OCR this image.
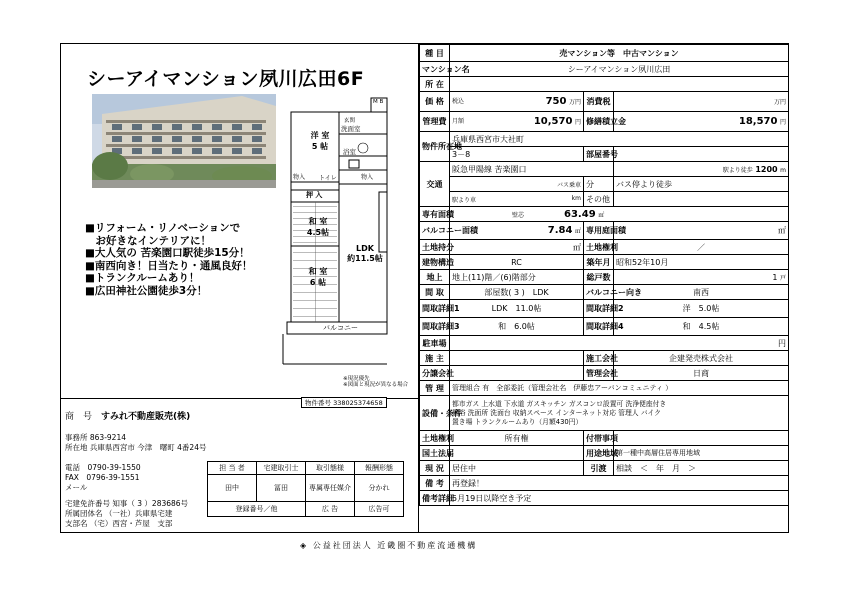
シーアイマンション夙川広田6F
■リフォーム・リノベーションで
　お好きなインテリアに！
■大人気の 苦楽園口駅徒歩15分！
■南西向き！日当たり・通風良好！
■トランクルームあり！
■広田神社公園徒歩3分！
洋 室
5 帖
洗面室
浴室
トイレ
物入	物入
押 入
和 室
4.5帖
和 室
6 帖
LDK
約11.5帖
バルコニー
玄関
M B
※現況優先
※図面と現況が異なる場合
物件番号 338025374658
商　号　 すみれ不動産販売(株)
事務所 863-9214
所在地 兵庫県西宮市 今津　曙町 4番24号
電話　 0790-39-1550
FAX　 0796-39-1551
メール
宅建免許番号 知事（ 3 ）283686号
所属団体名 （一社）兵庫県宅建
支部名 （宅）西宮・芦屋　支部
担 当 者	宅建取引士	取引態様	報酬形態
田中	冨田	専属専任媒介	分かれ
登録番号／他		広 告	広告可
種 目	売マンション等　中古マンション		
マンション名	シーアイマンション夙川広田		
所 在			
価 格	税込 750 万円	消費税	万円
管理費	月額 10,570 円	修繕積立金	18,570 円
物件所在地	兵庫県西宮市大社町		
	3－8	部屋番号	
交通	阪急甲陽線 苦楽園口		駅より徒歩 1200 m
	バス乗車	分	バス停より徒歩
	駅より車 km	その他	
専有面積	壁芯 63.49 ㎡		
バルコニー面積	7.84 ㎡	専用庭面積	㎡
土地持分	㎡	土地権利	／
建物構造	RC	築年月	昭和52年10月
地上	地上(11)階／(6)階部分	総戸数	1 戸
間 取	部屋数( 3 )　LDK	バルコニー向き	南西
間取詳細1	LDK　11.0帖	間取詳細2	洋　5.0帖
間取詳細3	和　6.0帖	間取詳細4	和　4.5帖
駐車場	円		
施 主		施工会社	企建発売株式会社
分譲会社		管理会社	日商
管 理	管理組合 有　全部委託（管理会社名　伊藤忠アーバンコミュニティ ）		
設備・条件	都市ガス 上水道 下水道 ガスキッチン ガスコンロ設置可 洗浄便座付き
個浴 洗面所 洗面台 収納スペース インターネット対応 管理人 バイク
置き場 トランクルームあり（月額430円）		

土地権利	所有権	付帯事項	
国土法届		用途地域	第一種中高層住居専用地域
現 況	居住中	引渡	相談　＜　年　月　＞
備 考	再登録！		
備考詳細	5月19日以降空き予定		
◈ 公益社団法人 近畿圏不動産流通機構
